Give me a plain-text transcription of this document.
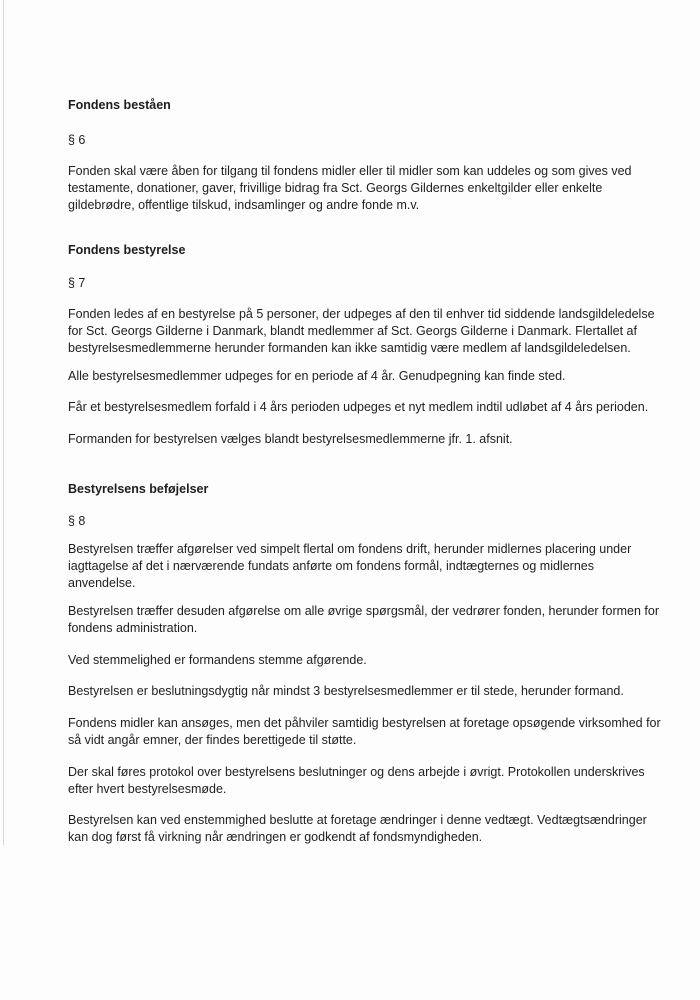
Fondens beståen
§ 6
Fonden skal være åben for tilgang til fondens midler eller til midler som kan uddeles og som gives ved
testamente, donationer, gaver, frivillige bidrag fra Sct. Georgs Gildernes enkeltgilder eller enkelte
gildebrødre, offentlige tilskud, indsamlinger og andre fonde m.v.
Fondens bestyrelse
§ 7
Fonden ledes af en bestyrelse på 5 personer, der udpeges af den til enhver tid siddende landsgildeledelse
for Sct. Georgs Gilderne i Danmark, blandt medlemmer af Sct. Georgs Gilderne i Danmark. Flertallet af
bestyrelsesmedlemmerne herunder formanden kan ikke samtidig være medlem af landsgildeledelsen.
Alle bestyrelsesmedlemmer udpeges for en periode af 4 år. Genudpegning kan finde sted.
Får et bestyrelsesmedlem forfald i 4 års perioden udpeges et nyt medlem indtil udløbet af 4 års perioden.
Formanden for bestyrelsen vælges blandt bestyrelsesmedlemmerne jfr. 1. afsnit.
Bestyrelsens beføjelser
§ 8
Bestyrelsen træffer afgørelser ved simpelt flertal om fondens drift, herunder midlernes placering under
iagttagelse af det i nærværende fundats anførte om fondens formål, indtægternes og midlernes
anvendelse.
Bestyrelsen træffer desuden afgørelse om alle øvrige spørgsmål, der vedrører fonden, herunder formen for
fondens administration.
Ved stemmelighed er formandens stemme afgørende.
Bestyrelsen er beslutningsdygtig når mindst 3 bestyrelsesmedlemmer er til stede, herunder formand.
Fondens midler kan ansøges, men det påhviler samtidig bestyrelsen at foretage opsøgende virksomhed for
så vidt angår emner, der findes berettigede til støtte.
Der skal føres protokol over bestyrelsens beslutninger og dens arbejde i øvrigt. Protokollen underskrives
efter hvert bestyrelsesmøde.
Bestyrelsen kan ved enstemmighed beslutte at foretage ændringer i denne vedtægt. Vedtægtsændringer
kan dog først få virkning når ændringen er godkendt af fondsmyndigheden.
